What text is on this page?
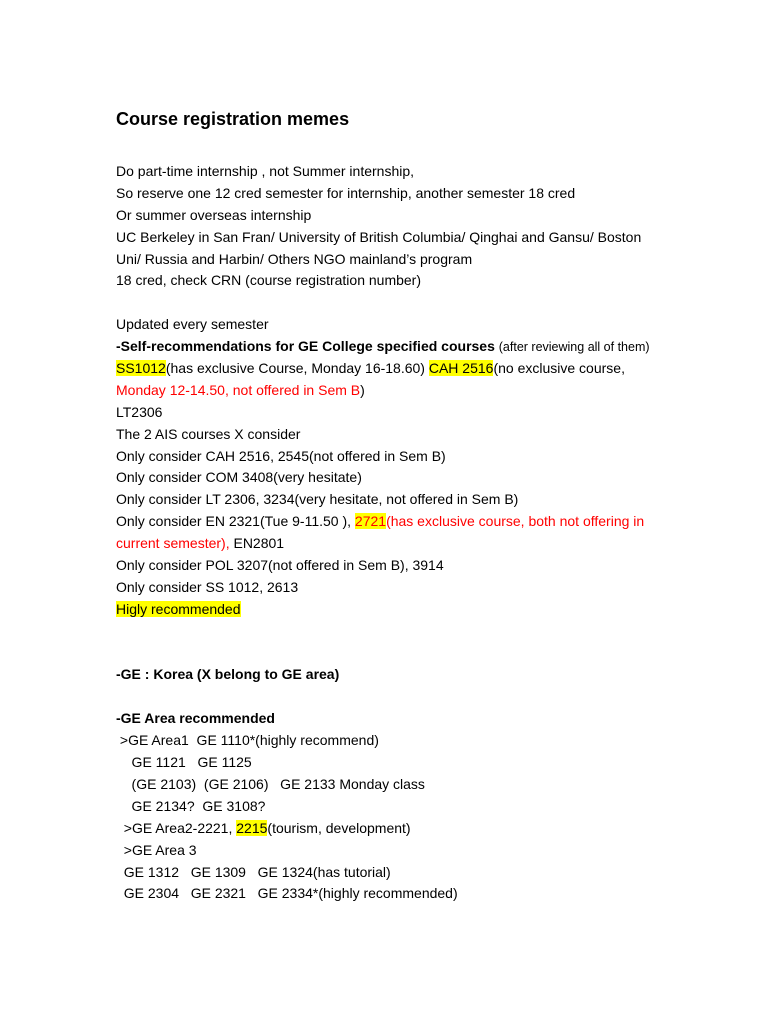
Course registration memes
Do part-time internship , not Summer internship,
So reserve one 12 cred semester for internship, another semester 18 cred
Or summer overseas internship
UC Berkeley in San Fran/ University of British Columbia/ Qinghai and Gansu/ Boston
Uni/ Russia and Harbin/ Others NGO mainland’s program
18 cred, check CRN (course registration number)
Updated every semester
-Self-recommendations for GE College specified courses (after reviewing all of them)
SS1012(has exclusive Course, Monday 16-18.60) CAH 2516(no exclusive course,
Monday 12-14.50, not offered in Sem B)
LT2306
The 2 AIS courses X consider
Only consider CAH 2516, 2545(not offered in Sem B)
Only consider COM 3408(very hesitate)
Only consider LT 2306, 3234(very hesitate, not offered in Sem B)
Only consider EN 2321(Tue 9-11.50 ), 2721(has exclusive course, both not offering in
current semester), EN2801
Only consider POL 3207(not offered in Sem B), 3914
Only consider SS 1012, 2613
Higly recommended
-GE : Korea (X belong to GE area)
-GE Area recommended
>GE Area1  GE 1110*(highly recommend)
GE 1121   GE 1125
(GE 2103)  (GE 2106)   GE 2133 Monday class
GE 2134?  GE 3108?
>GE Area2-2221, 2215(tourism, development)
>GE Area 3
GE 1312   GE 1309   GE 1324(has tutorial)
GE 2304   GE 2321   GE 2334*(highly recommended)
